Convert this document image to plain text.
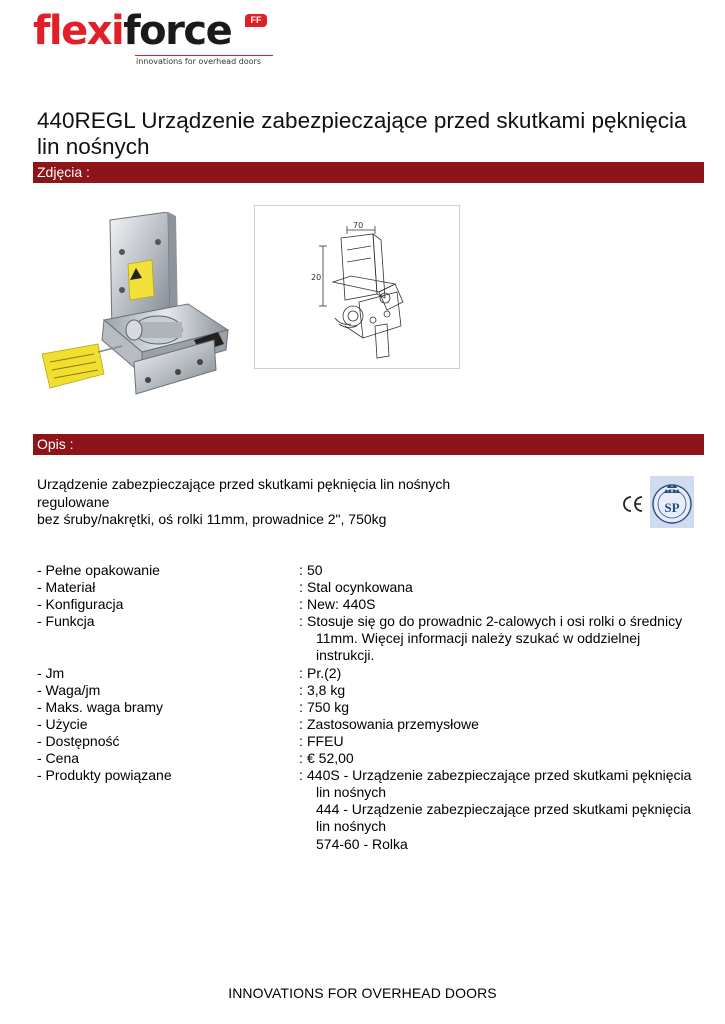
flexiforce	FF
innovations for overhead doors
440REGL Urządzenie zabezpieczające przed skutkami pęknięcia lin nośnych
Zdjęcia :
70
20
Opis :
Urządzenie zabezpieczające przed skutkami pęknięcia lin nośnych
regulowane
bez śruby/nakrętki, oś rolki 11mm, prowadnice 2", 750kg
SP
- Pełne opakowanie	: 50
- Materiał	: Stal ocynkowana
- Konfiguracja	: New: 440S
- Funkcja	: Stosuje się go do prowadnic 2-calowych i osi rolki o średnicy
11mm. Więcej informacji należy szukać w oddzielnej
instrukcji.
- Jm	: Pr.(2)
- Waga/jm	: 3,8 kg
- Maks. waga bramy	: 750 kg
- Użycie	: Zastosowania przemysłowe
- Dostępność	: FFEU
- Cena	: € 52,00
- Produkty powiązane	: 440S - Urządzenie zabezpieczające przed skutkami pęknięcia
lin nośnych
444 - Urządzenie zabezpieczające przed skutkami pęknięcia
lin nośnych
574-60 - Rolka
INNOVATIONS FOR OVERHEAD DOORS
